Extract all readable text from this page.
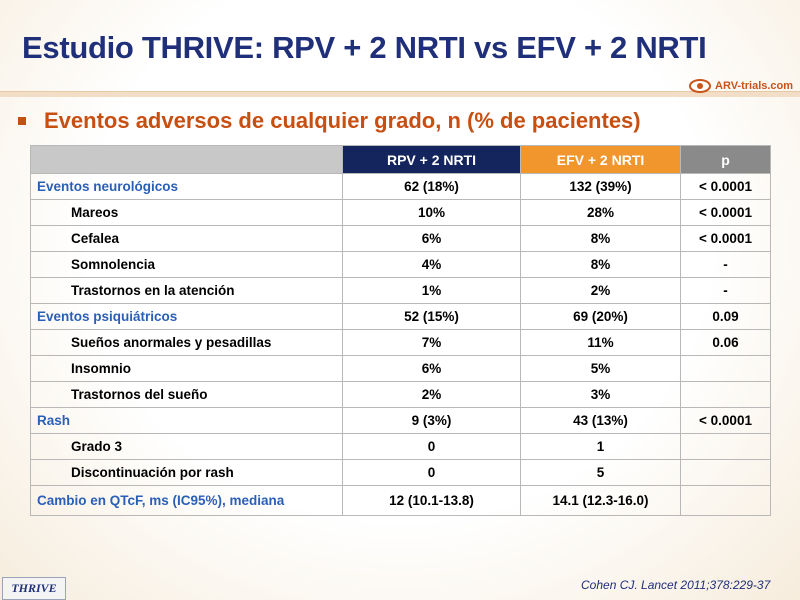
Estudio THRIVE: RPV + 2 NRTI vs EFV + 2 NRTI
ARV-trials.com
Eventos adversos de cualquier grado, n (% de pacientes)
	RPV + 2 NRTI	EFV + 2 NRTI	p
Eventos neurológicos	62 (18%)	132 (39%)	< 0.0001
Mareos	10%	28%	< 0.0001
Cefalea	6%	8%	< 0.0001
Somnolencia	4%	8%	-
Trastornos en la atención	1%	2%	-
Eventos psiquiátricos	52 (15%)	69 (20%)	0.09
Sueños anormales y pesadillas	7%	11%	0.06
Insomnio	6%	5%	
Trastornos del sueño	2%	3%	
Rash	9 (3%)	43 (13%)	< 0.0001
Grado 3	0	1	
Discontinuación por rash	0	5	
Cambio en QTcF, ms (IC95%), mediana	12 (10.1-13.8)	14.1 (12.3-16.0)	
THRIVE	Cohen CJ. Lancet 2011;378:229-37
